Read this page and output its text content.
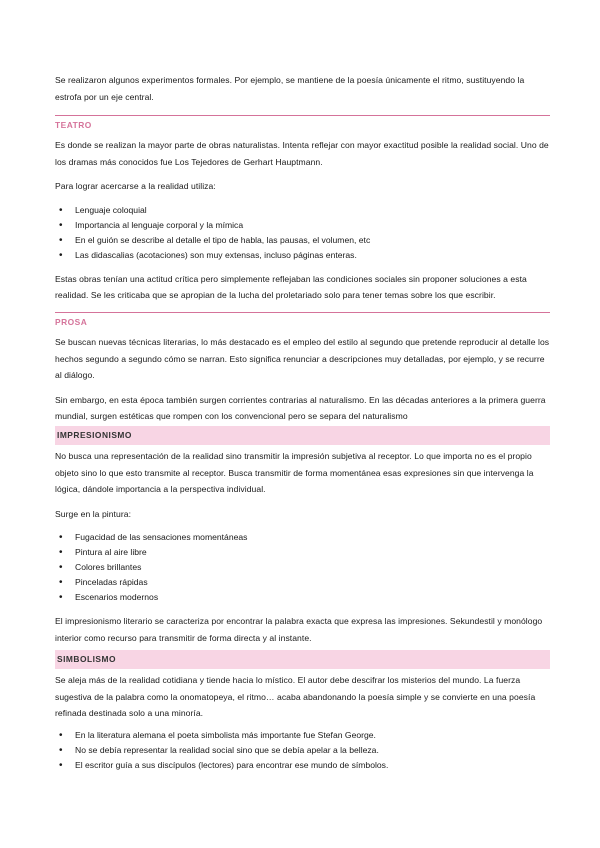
Se realizaron algunos experimentos formales. Por ejemplo, se mantiene de la poesía únicamente el ritmo, sustituyendo la estrofa por un eje central.

TEATRO

Es donde se realizan la mayor parte de obras naturalistas. Intenta reflejar con mayor exactitud posible la realidad social. Uno de los dramas más conocidos fue Los Tejedores de Gerhart Hauptmann.

Para lograr acercarse a la realidad utiliza:

• Lenguaje coloquial
• Importancia al lenguaje corporal y la mímica
• En el guión se describe al detalle el tipo de habla, las pausas, el volumen, etc
• Las didascalias (acotaciones) son muy extensas, incluso páginas enteras.

Estas obras tenían una actitud crítica pero simplemente reflejaban las condiciones sociales sin proponer soluciones a esta realidad. Se les criticaba que se apropian de la lucha del proletariado solo para tener temas sobre los que escribir.

PROSA

Se buscan nuevas técnicas literarias, lo más destacado es el empleo del estilo al segundo que pretende reproducir al detalle los hechos segundo a segundo cómo se narran. Esto significa renunciar a descripciones muy detalladas, por ejemplo, y se recurre al diálogo.

Sin embargo, en esta época también surgen corrientes contrarias al naturalismo. En las décadas anteriores a la primera guerra mundial, surgen estéticas que rompen con los convencional pero se separa del naturalismo

IMPRESIONISMO

No busca una representación de la realidad sino transmitir la impresión subjetiva al receptor. Lo que importa no es el propio objeto sino lo que esto transmite al receptor. Busca transmitir de forma momentánea esas expresiones sin que intervenga la lógica, dándole importancia a la perspectiva individual.

Surge en la pintura:

• Fugacidad de las sensaciones momentáneas
• Pintura al aire libre
• Colores brillantes
• Pinceladas rápidas
• Escenarios modernos

El impresionismo literario se caracteriza por encontrar la palabra exacta que expresa las impresiones. Sekundestil y monólogo interior como recurso para transmitir de forma directa y al instante.

SIMBOLISMO

Se aleja más de la realidad cotidiana y tiende hacia lo místico. El autor debe descifrar los misterios del mundo. La fuerza sugestiva de la palabra como la onomatopeya, el ritmo… acaba abandonando la poesía simple y se convierte en una poesía refinada destinada solo a una minoría.

• En la literatura alemana el poeta simbolista más importante fue Stefan George.
• No se debía representar la realidad social sino que se debía apelar a la belleza.
• El escritor guía a sus discípulos (lectores) para encontrar ese mundo de símbolos.
